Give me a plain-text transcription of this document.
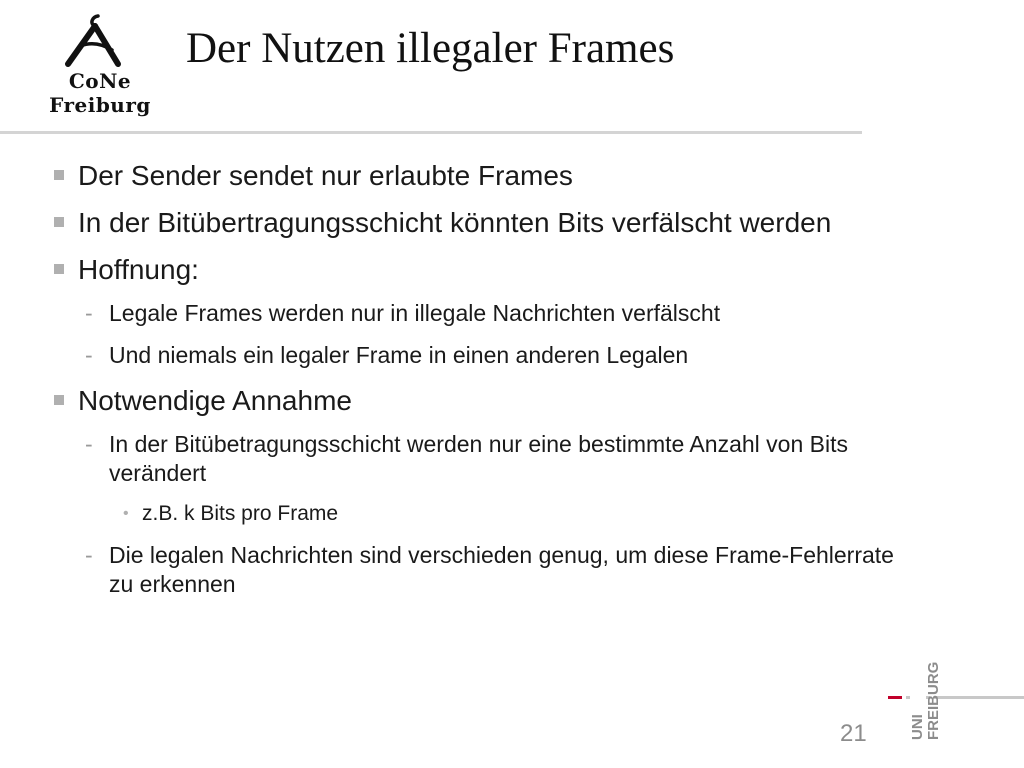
CoNe
Freiburg
Der Nutzen illegaler Frames
Der Sender sendet nur erlaubte Frames
In der Bitübertragungsschicht könnten Bits verfälscht werden
Hoffnung:
- Legale Frames werden nur in illegale Nachrichten verfälscht
- Und niemals ein legaler Frame in einen anderen Legalen
Notwendige Annahme
- In der Bitübetragungsschicht werden nur eine bestimmte Anzahl von Bits verändert
• z.B. k Bits pro Frame
- Die legalen Nachrichten sind verschieden genug, um diese Frame-Fehlerrate zu erkennen
21	UNI FREIBURG
